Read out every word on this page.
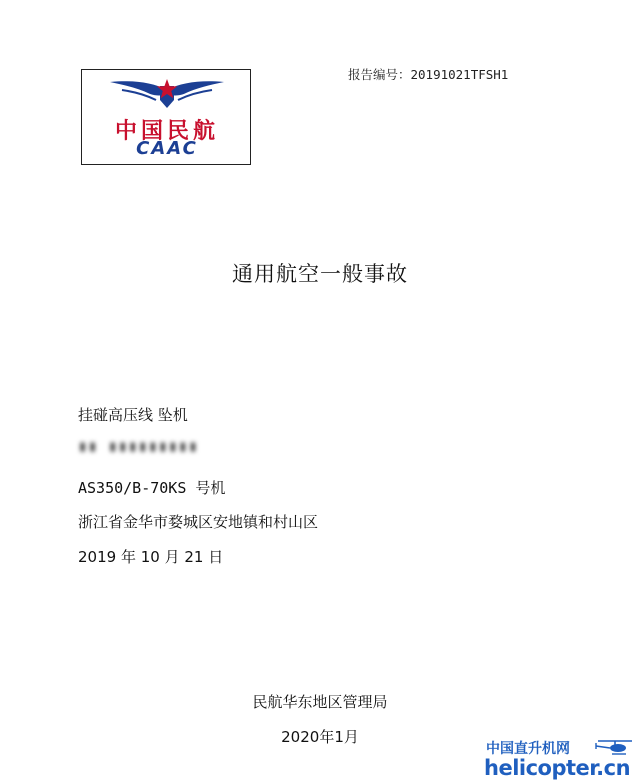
中国民航
CAAC
报告编号：20191021TFSH1
通用航空一般事故
挂碰高压线 坠机
▮▮ ▮▮▮▮▮▮▮▮▮
AS350/B-70KS 号机
浙江省金华市婺城区安地镇和村山区
2019 年 10 月 21 日
民航华东地区管理局
2020年1月
中国直升机网
helicopter.cn
